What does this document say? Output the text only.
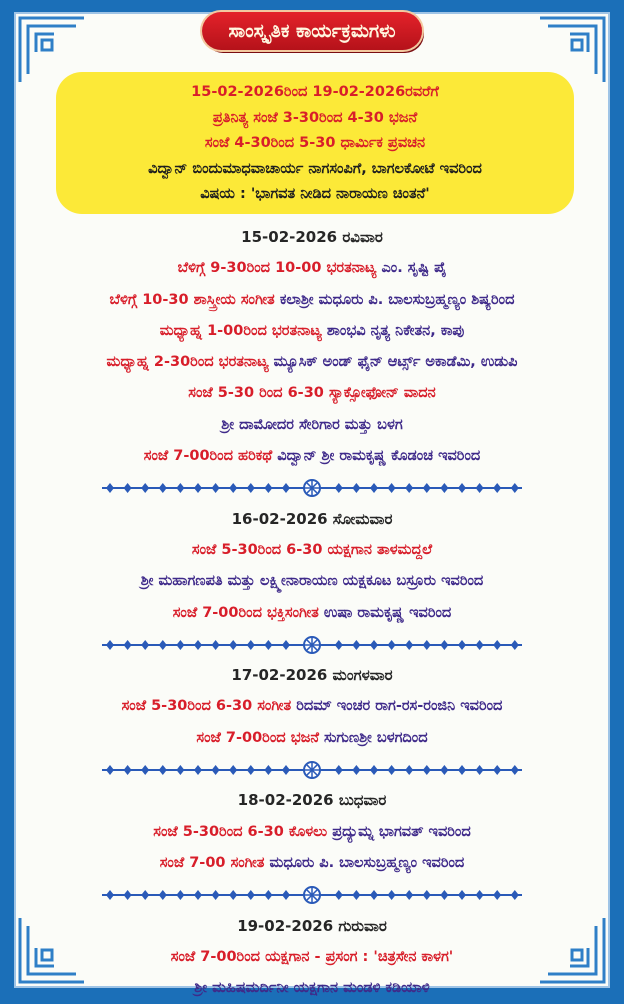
ಸಾಂಸ್ಕೃತಿಕ ಕಾರ್ಯಕ್ರಮಗಳು
15-02-2026ರಿಂದ 19-02-2026ರವರೆಗೆ
ಪ್ರತಿನಿತ್ಯ ಸಂಜೆ 3-30ರಿಂದ 4-30 ಭಜನೆ
ಸಂಜೆ 4-30ರಿಂದ 5-30 ಧಾರ್ಮಿಕ ಪ್ರವಚನ
ವಿದ್ವಾನ್ ಬಿಂದುಮಾಧವಾಚಾರ್ಯ ನಾಗಸಂಪಿಗೆ, ಬಾಗಲಕೋಟೆ ಇವರಿಂದ
ವಿಷಯ : 'ಭಾಗವತ ನೀಡಿದ ನಾರಾಯಣ ಚಿಂತನೆ'
15-02-2026 ರವಿವಾರ
ಬೆಳಿಗ್ಗೆ 9-30ರಿಂದ 10-00 ಭರತನಾಟ್ಯ ಎಂ. ಸೃಷ್ಟಿ ಪೈ
ಬೆಳಿಗ್ಗೆ 10-30 ಶಾಸ್ತ್ರೀಯ ಸಂಗೀತ ಕಲಾಶ್ರೀ ಮಧೂರು ಪಿ. ಬಾಲಸುಬ್ರಹ್ಮಣ್ಯಂ ಶಿಷ್ಯರಿಂದ
ಮಧ್ಯಾಹ್ನ 1-00ರಿಂದ ಭರತನಾಟ್ಯ ಶಾಂಭವಿ ನೃತ್ಯ ನಿಕೇತನ, ಕಾಪು
ಮಧ್ಯಾಹ್ನ 2-30ರಿಂದ ಭರತನಾಟ್ಯ ಮ್ಯೂಸಿಕ್ ಅಂಡ್ ಫೈನ್ ಆರ್ಟ್ಸ್ ಅಕಾಡೆಮಿ, ಉಡುಪಿ
ಸಂಜೆ 5-30 ರಿಂದ 6-30 ಸ್ಯಾಕ್ಸೋಫೋನ್ ವಾದನ
ಶ್ರೀ ದಾಮೋದರ ಸೇರಿಗಾರ ಮತ್ತು ಬಳಗ
ಸಂಜೆ 7-00ರಿಂದ ಹರಿಕಥೆ ವಿದ್ವಾನ್ ಶ್ರೀ ರಾಮಕೃಷ್ಣ ಕೊಡಂಚ ಇವರಿಂದ
16-02-2026 ಸೋಮವಾರ
ಸಂಜೆ 5-30ರಿಂದ 6-30 ಯಕ್ಷಗಾನ ತಾಳಮದ್ದಲೆ
ಶ್ರೀ ಮಹಾಗಣಪತಿ ಮತ್ತು ಲಕ್ಷ್ಮೀನಾರಾಯಣ ಯಕ್ಷಕೂಟ ಬಸ್ರೂರು ಇವರಿಂದ
ಸಂಜೆ 7-00ರಿಂದ ಭಕ್ತಿಸಂಗೀತ ಉಷಾ ರಾಮಕೃಷ್ಣ ಇವರಿಂದ
17-02-2026 ಮಂಗಳವಾರ
ಸಂಜೆ 5-30ರಿಂದ 6-30 ಸಂಗೀತ ರಿದಮ್ ಇಂಚರ ರಾಗ-ರಸ-ರಂಜಿನಿ ಇವರಿಂದ
ಸಂಜೆ 7-00ರಿಂದ ಭಜನೆ ಸುಗುಣಶ್ರೀ ಬಳಗದಿಂದ
18-02-2026 ಬುಧವಾರ
ಸಂಜೆ 5-30ರಿಂದ 6-30 ಕೊಳಲು ಪ್ರದ್ಯುಮ್ನ ಭಾಗವತ್ ಇವರಿಂದ
ಸಂಜೆ 7-00 ಸಂಗೀತ ಮಧೂರು ಪಿ. ಬಾಲಸುಬ್ರಹ್ಮಣ್ಯಂ ಇವರಿಂದ
19-02-2026 ಗುರುವಾರ
ಸಂಜೆ 7-00ರಿಂದ ಯಕ್ಷಗಾನ - ಪ್ರಸಂಗ : 'ಚಿತ್ರಸೇನ ಕಾಳಗ'
ಶ್ರೀ ಮಹಿಷಮರ್ದಿನೀ ಯಕ್ಷಗಾನ ಮಂಡಳಿ ಕಡಿಯಾಳಿ
